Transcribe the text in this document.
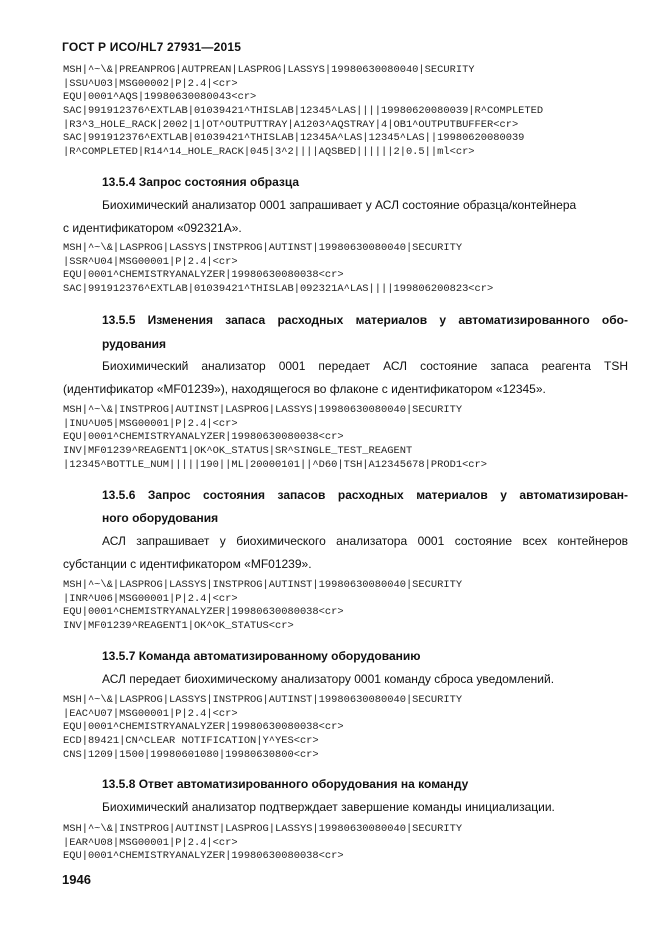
ГОСТ Р ИСО/HL7 27931—2015
MSH|^~\&|PREANPROG|AUTPREAN|LASPROG|LASSYS|19980630080040|SECURITY
|SSU^U03|MSG00002|P|2.4|<cr>
EQU|0001^AQS|19980630080043<cr>
SAC|991912376^EXTLAB|01039421^THISLAB|12345^LAS||||19980620080039|R^COMPLETED
|R3^3_HOLE_RACK|2002|1|OT^OUTPUTTRAY|A1203^AQSTRAY|4|OB1^OUTPUTBUFFER<cr>
SAC|991912376^EXTLAB|01039421^THISLAB|12345A^LAS|12345^LAS||19980620080039
|R^COMPLETED|R14^14_HOLE_RACK|045|3^2||||AQSBED||||||2|0.5||ml<cr>
13.5.4 Запрос состояния образца
Биохимический анализатор 0001 запрашивает у АСЛ состояние образца/контейнера
с идентификатором «092321A».
MSH|^~\&|LASPROG|LASSYS|INSTPROG|AUTINST|19980630080040|SECURITY
|SSR^U04|MSG00001|P|2.4|<cr>
EQU|0001^CHEMISTRYANALYZER|19980630080038<cr>
SAC|991912376^EXTLAB|01039421^THISLAB|092321A^LAS||||199806200823<cr>
13.5.5 Изменения запаса расходных материалов у автоматизированного обо-
рудования
Биохимический анализатор 0001 передает АСЛ состояние запаса реагента TSH
(идентификатор «MF01239»), находящегося во флаконе с идентификатором «12345».
MSH|^~\&|INSTPROG|AUTINST|LASPROG|LASSYS|19980630080040|SECURITY
|INU^U05|MSG00001|P|2.4|<cr>
EQU|0001^CHEMISTRYANALYZER|19980630080038<cr>
INV|MF01239^REAGENT1|OK^OK_STATUS|SR^SINGLE_TEST_REAGENT
|12345^BOTTLE_NUM|||||190||ML|20000101||^D60|TSH|A12345678|PROD1<cr>
13.5.6 Запрос состояния запасов расходных материалов у автоматизирован-
ного оборудования
АСЛ запрашивает у биохимического анализатора 0001 состояние всех контейнеров
субстанции с идентификатором «MF01239».
MSH|^~\&|LASPROG|LASSYS|INSTPROG|AUTINST|19980630080040|SECURITY
|INR^U06|MSG00001|P|2.4|<cr>
EQU|0001^CHEMISTRYANALYZER|19980630080038<cr>
INV|MF01239^REAGENT1|OK^OK_STATUS<cr>
13.5.7 Команда автоматизированному оборудованию
АСЛ передает биохимическому анализатору 0001 команду сброса уведомлений.
MSH|^~\&|LASPROG|LASSYS|INSTPROG|AUTINST|19980630080040|SECURITY
|EAC^U07|MSG00001|P|2.4|<cr>
EQU|0001^CHEMISTRYANALYZER|19980630080038<cr>
ECD|89421|CN^CLEAR NOTIFICATION|Y^YES<cr>
CNS|1209|1500|19980601080|19980630800<cr>
13.5.8 Ответ автоматизированного оборудования на команду
Биохимический анализатор подтверждает завершение команды инициализации.
MSH|^~\&|INSTPROG|AUTINST|LASPROG|LASSYS|19980630080040|SECURITY
|EAR^U08|MSG00001|P|2.4|<cr>
EQU|0001^CHEMISTRYANALYZER|19980630080038<cr>
1946
